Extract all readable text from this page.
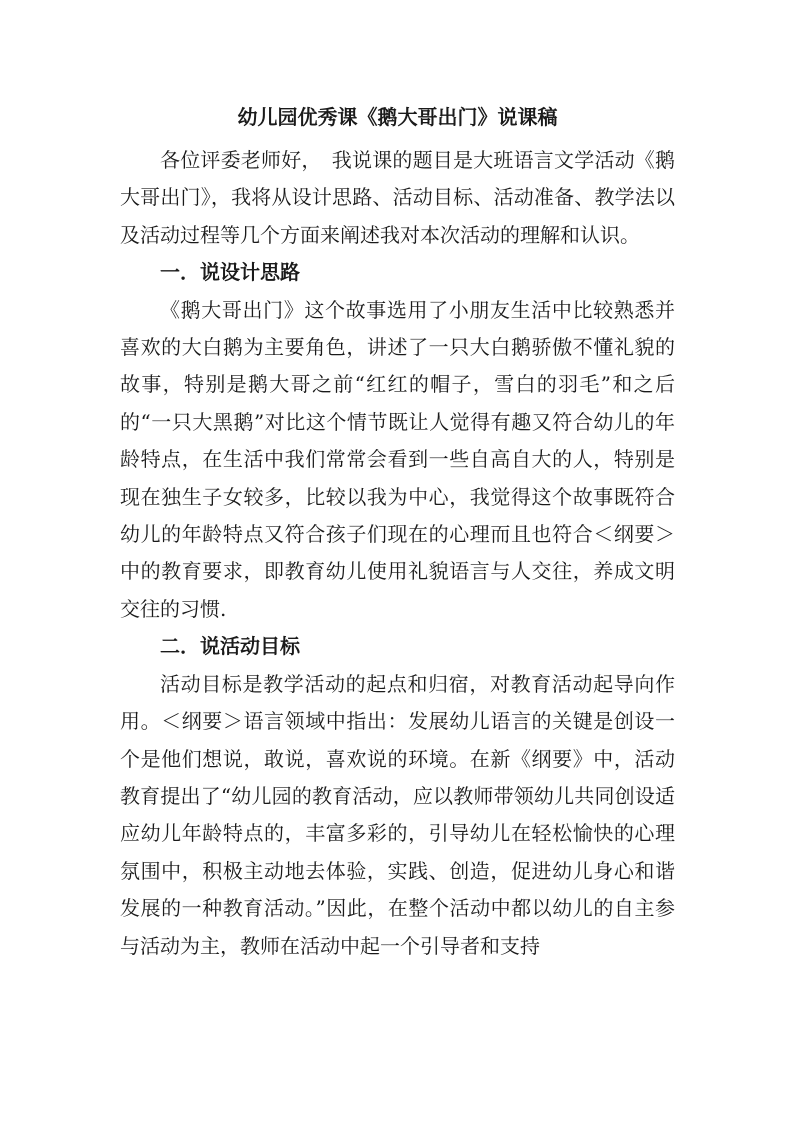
幼儿园优秀课《鹅大哥出门》说课稿

各位评委老师好，　我说课的题目是大班语言文学活动《鹅大哥出门》，我将从设计思路、活动目标、活动准备、教学法以及活动过程等几个方面来阐述我对本次活动的理解和认识。

一．说设计思路

《鹅大哥出门》这个故事选用了小朋友生活中比较熟悉并喜欢的大白鹅为主要角色，讲述了一只大白鹅骄傲不懂礼貌的故事，特别是鹅大哥之前“红红的帽子，雪白的羽毛”和之后的“一只大黑鹅”对比这个情节既让人觉得有趣又符合幼儿的年龄特点，在生活中我们常常会看到一些自高自大的人，特别是现在独生子女较多，比较以我为中心，我觉得这个故事既符合幼儿的年龄特点又符合孩子们现在的心理而且也符合＜纲要＞中的教育要求，即教育幼儿使用礼貌语言与人交往，养成文明交往的习惯.

二．说活动目标

活动目标是教学活动的起点和归宿，对教育活动起导向作用。＜纲要＞语言领域中指出：发展幼儿语言的关键是创设一个是他们想说，敢说，喜欢说的环境。在新《纲要》中，活动教育提出了“幼儿园的教育活动，应以教师带领幼儿共同创设适应幼儿年龄特点的，丰富多彩的，引导幼儿在轻松愉快的心理氛围中，积极主动地去体验，实践、创造，促进幼儿身心和谐发展的一种教育活动。”因此，在整个活动中都以幼儿的自主参与活动为主，教师在活动中起一个引导者和支持
